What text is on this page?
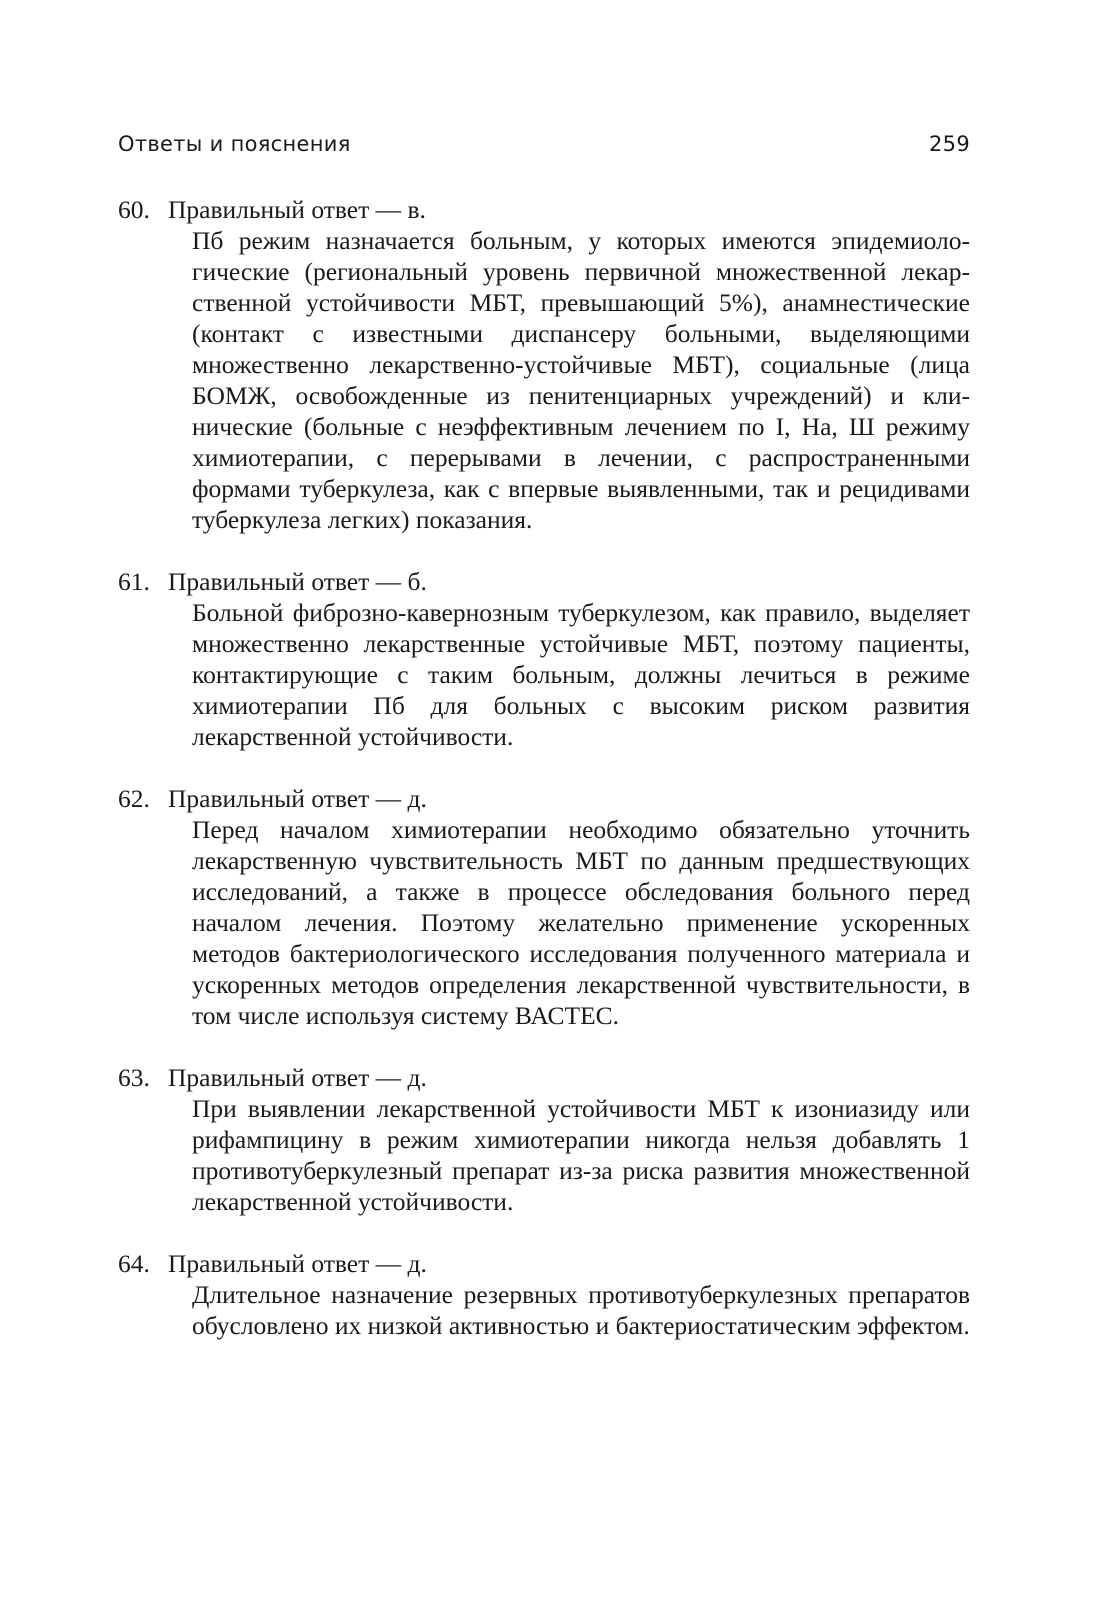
Ответы и пояснения	259
60. Правильный ответ — в.
Пб режим назначается больным, у которых имеются эпидемиологические (региональный уровень первичной множественной лекарственной устойчивости МБТ, превышающий 5%), анамнестические (контакт с известными диспансеру больными, выделяющими множественно лекарственно-устойчивые МБТ), социальные (лица БОМЖ, освобожденные из пенитенциарных учреждений) и клинические (больные с неэффективным лечением по I, На, Ш режиму химиотерапии, с перерывами в лечении, с распространенными формами туберкулеза, как с впервые выявленными, так и рецидивами туберкулеза легких) показания.
61. Правильный ответ — б.
Больной фиброзно-кавернозным туберкулезом, как правило, выделяет множественно лекарственные устойчивые МБТ, поэтому пациенты, контактирующие с таким больным, должны лечиться в режиме химиотерапии Пб для больных с высоким риском развития лекарственной устойчивости.
62. Правильный ответ — д.
Перед началом химиотерапии необходимо обязательно уточнить лекарственную чувствительность МБТ по данным предшествующих исследований, а также в процессе обследования больного перед началом лечения. Поэтому желательно применение ускоренных методов бактериологического исследования полученного материала и ускоренных методов определения лекарственной чувствительности, в том числе используя систему ВАСТЕС.
63. Правильный ответ — д.
При выявлении лекарственной устойчивости МБТ к изониазиду или рифампицину в режим химиотерапии никогда нельзя добавлять 1 противотуберкулезный препарат из-за риска развития множественной лекарственной устойчивости.
64. Правильный ответ — д.
Длительное назначение резервных противотуберкулезных препаратов обусловлено их низкой активностью и бактериостатическим эффектом.
